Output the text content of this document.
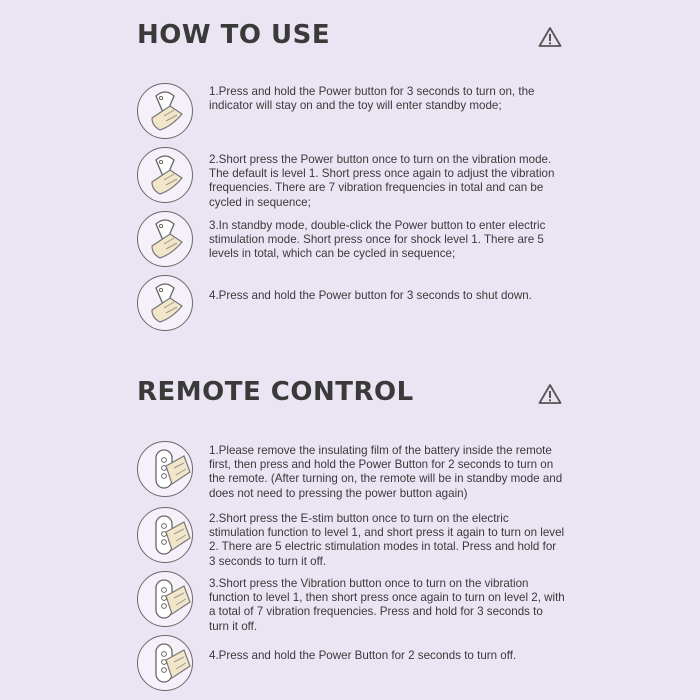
HOW TO USE
1.Press and hold the Power button for 3 seconds to turn on, the indicator will stay on and the toy will enter standby mode;
2.Short press the Power button once to turn on the vibration mode. The default is level 1. Short press once again to adjust the vibration frequencies. There are 7 vibration frequencies in total and can be cycled in sequence;
3.In standby mode, double-click the Power button to enter electric stimulation mode. Short press once for shock level 1. There are 5 levels in total, which can be cycled in sequence;
4.Press and hold the Power button for 3 seconds to shut down.
REMOTE CONTROL
1.Please remove the insulating film of the battery inside the remote first, then press and hold the Power Button for 2 seconds to turn on the remote. (After turning on, the remote will be in standby mode and does not need to pressing the power button again)
2.Short press the E-stim button once to turn on the electric stimulation function to level 1, and short press it again to turn on level 2. There are 5 electric stimulation modes in total. Press and hold for 3 seconds to turn it off.
3.Short press the Vibration button once to turn on the vibration function to level 1, then short press once again to turn on level 2, with a total of 7 vibration frequencies. Press and hold for 3 seconds to turn it off.
4.Press and hold the Power Button for 2 seconds to turn off.
